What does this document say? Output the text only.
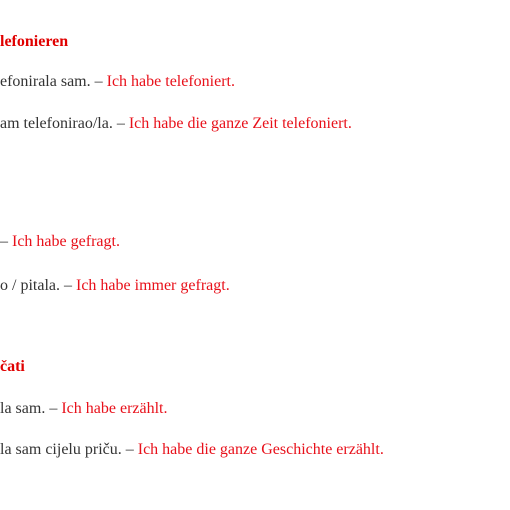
lefonieren
efonirala sam. – Ich habe telefoniert.
am telefonirao/la. – Ich habe die ganze Zeit telefoniert.
– Ich habe gefragt.
o / pitala. – Ich habe immer gefragt.
čati
la sam. – Ich habe erzählt.
la sam cijelu priču. – Ich habe die ganze Geschichte erzählt.
